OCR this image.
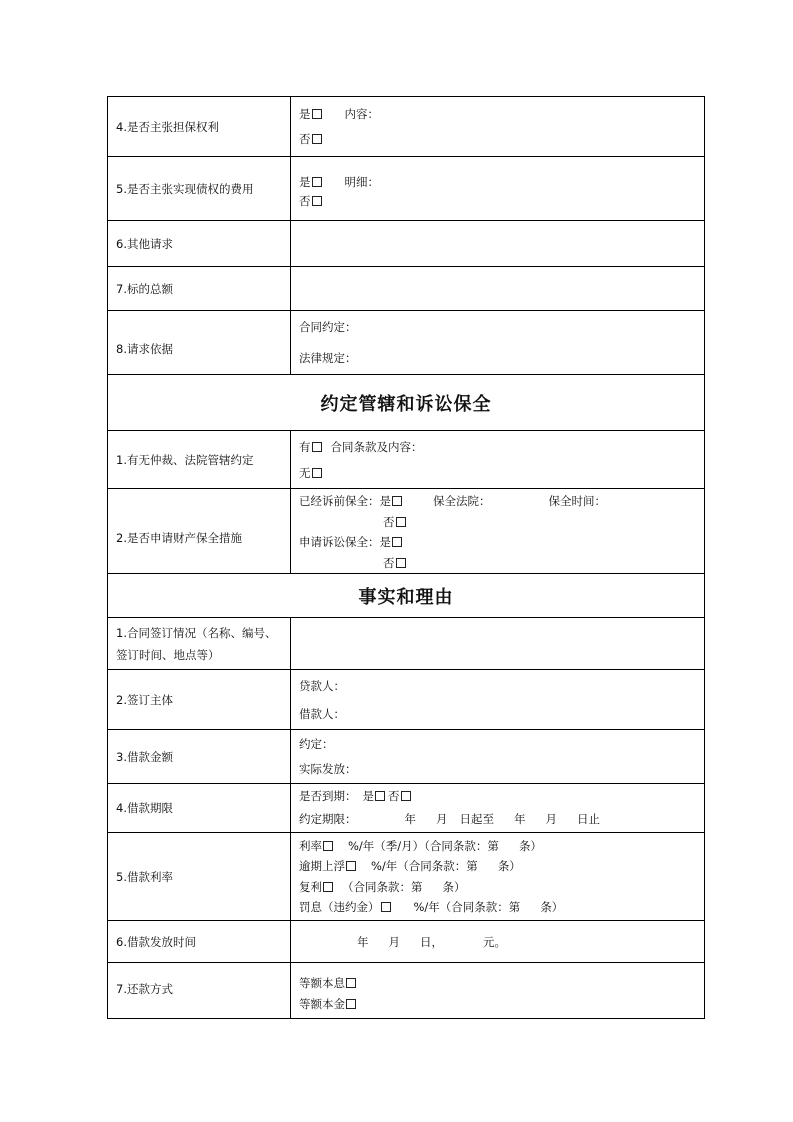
4.是否主张担保权利	是 内容：
否

5.是否主张实现债权的费用	是 明细：
否

6.其他请求	
7.标的总额	
8.请求依据	合同约定：
法律规定：

约定管辖和诉讼保全	
1.有无仲裁、法院管辖约定	有 合同条款及内容：
无

2.是否申请财产保全措施	已经诉前保全：是 保全法院： 保全时间：
否
申请诉讼保全：是
否

事实和理由	
1.合同签订情况（名称、编号、签订时间、地点等）	
2.签订主体	贷款人：
借款人：

3.借款金额	约定：
实际发放：

4.借款期限	是否到期： 是 否
约定期限： 年 月 日起至 年 月 日止

5.借款利率	利率 %/年（季/月）（合同条款：第 条）
逾期上浮 %/年（合同条款：第 条）
复利 （合同条款：第 条）
罚息（违约金） %/年（合同条款：第 条）

6.借款发放时间	年 月 日， 元。

7.还款方式	等额本息
等额本金
